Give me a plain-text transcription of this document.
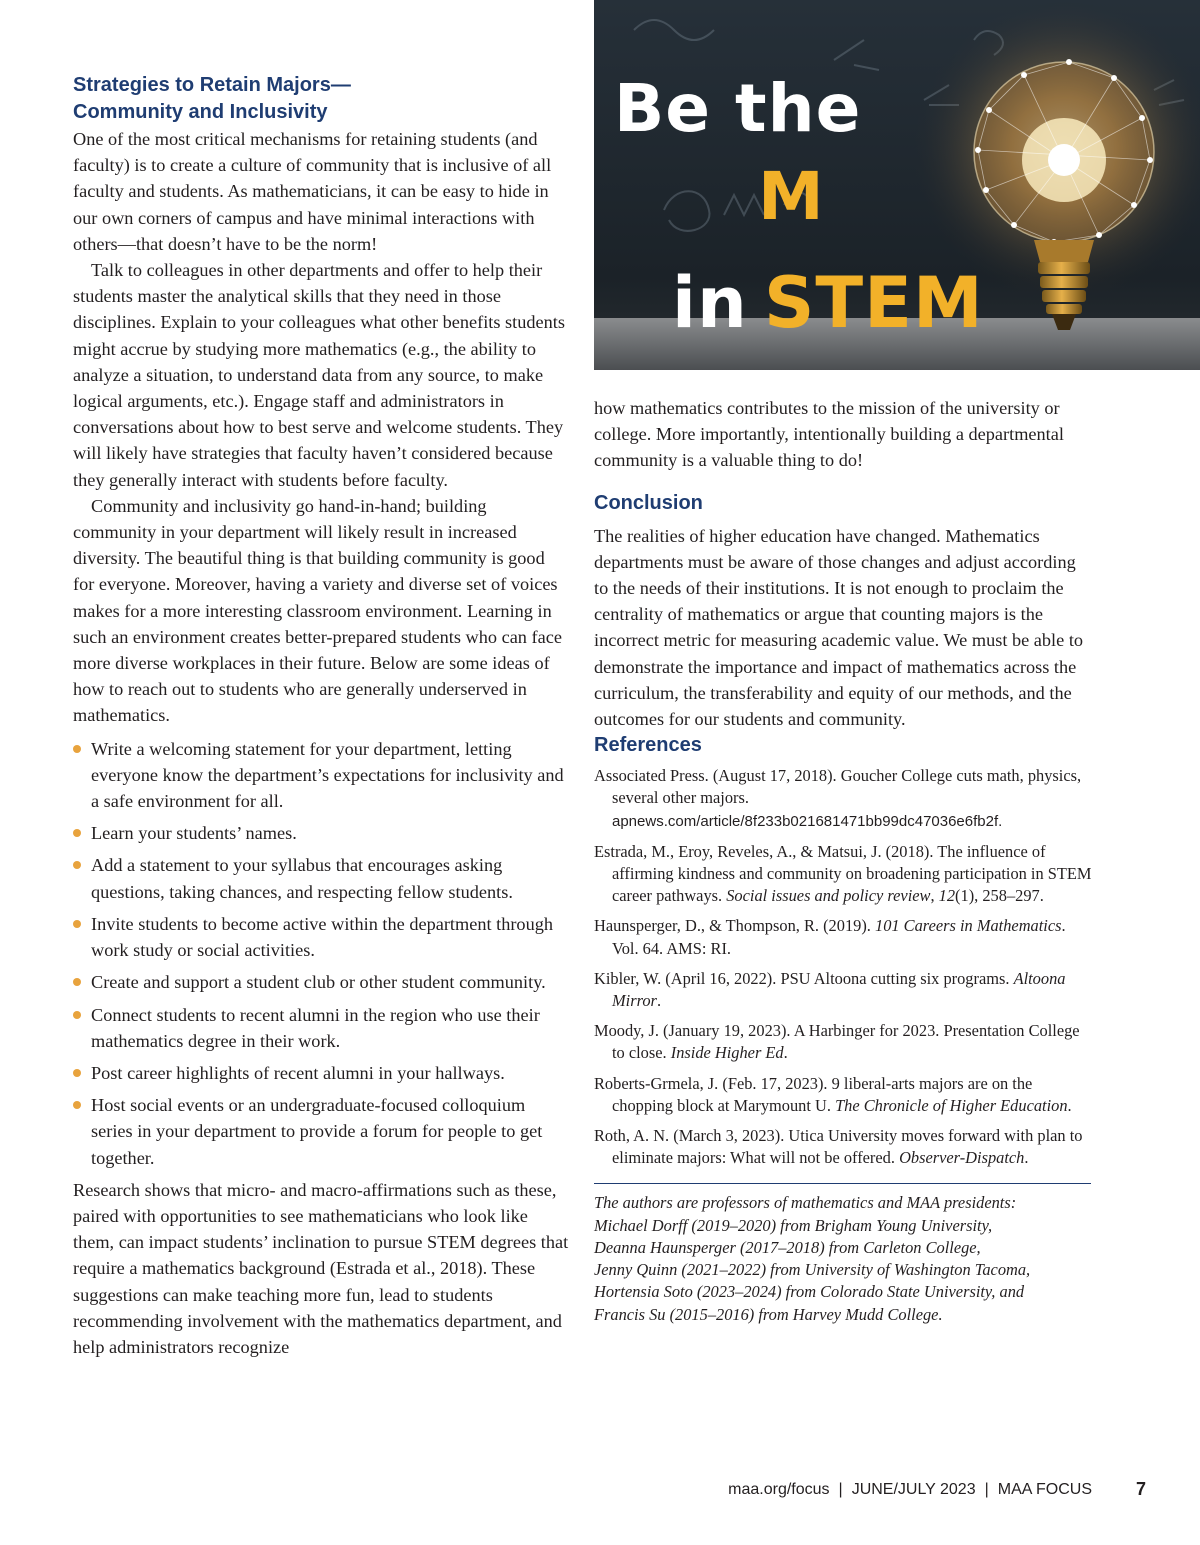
Strategies to Retain Majors—
Community and Inclusivity

One of the most critical mechanisms for retaining students (and faculty) is to create a culture of community that is inclusive of all faculty and students. As mathematicians, it can be easy to hide in our own corners of campus and have minimal interactions with others—that doesn’t have to be the norm!

Talk to colleagues in other departments and offer to help their students master the analytical skills that they need in those disciplines. Explain to your colleagues what other benefits students might accrue by studying more mathematics (e.g., the ability to analyze a situation, to understand data from any source, to make logical arguments, etc.). Engage staff and administrators in conversations about how to best serve and welcome students. They will likely have strategies that faculty haven’t considered because they generally interact with students before faculty.

Community and inclusivity go hand-in-hand; building community in your department will likely result in increased diversity. The beautiful thing is that building community is good for everyone. Moreover, having a variety and diverse set of voices makes for a more interesting classroom environment. Learning in such an environment creates better-prepared students who can face more diverse workplaces in their future. Below are some ideas of how to reach out to students who are generally underserved in mathematics.

Write a welcoming statement for your department, letting everyone know the department’s expectations for inclusivity and a safe environment for all.
Learn your students’ names.
Add a statement to your syllabus that encourages asking questions, taking chances, and respecting fellow students.
Invite students to become active within the department through work study or social activities.
Create and support a student club or other student community.
Connect students to recent alumni in the region who use their mathematics degree in their work.
Post career highlights of recent alumni in your hallways.
Host social events or an undergraduate-focused colloquium series in your department to provide a forum for people to get together.

Research shows that micro- and macro-affirmations such as these, paired with opportunities to see mathematicians who look like them, can impact students’ inclination to pursue STEM degrees that require a mathematics background (Estrada et al., 2018). These suggestions can make teaching more fun, lead to students recommending involvement with the mathematics department, and help administrators recognize

Be the
M
in STEM

how mathematics contributes to the mission of the university or college. More importantly, intentionally building a departmental community is a valuable thing to do!

Conclusion

The realities of higher education have changed. Mathematics departments must be aware of those changes and adjust according to the needs of their institutions. It is not enough to proclaim the centrality of mathematics or argue that counting majors is the incorrect metric for measuring academic value. We must be able to demonstrate the importance and impact of mathematics across the curriculum, the transferability and equity of our methods, and the outcomes for our students and community.

References

Associated Press. (August 17, 2018). Goucher College cuts math, physics, several other majors. apnews.com/article/8f233b021681471bb99dc47036e6fb2f.

Estrada, M., Eroy, Reveles, A., & Matsui, J. (2018). The influence of affirming kindness and community on broadening participation in STEM career pathways. Social issues and policy review, 12(1), 258–297.

Haunsperger, D., & Thompson, R. (2019). 101 Careers in Mathematics. Vol. 64. AMS: RI.

Kibler, W. (April 16, 2022). PSU Altoona cutting six programs. Altoona Mirror.

Moody, J. (January 19, 2023). A Harbinger for 2023. Presentation College to close. Inside Higher Ed.

Roberts-Grmela, J. (Feb. 17, 2023). 9 liberal-arts majors are on the chopping block at Marymount U. The Chronicle of Higher Education.

Roth, A. N. (March 3, 2023). Utica University moves forward with plan to eliminate majors: What will not be offered. Observer-Dispatch.

The authors are professors of mathematics and MAA presidents:
Michael Dorff (2019–2020) from Brigham Young University,
Deanna Haunsperger (2017–2018) from Carleton College,
Jenny Quinn (2021–2022) from University of Washington Tacoma,
Hortensia Soto (2023–2024) from Colorado State University, and
Francis Su (2015–2016) from Harvey Mudd College.

maa.org/focus | JUNE/JULY 2023 | MAA FOCUS 7
